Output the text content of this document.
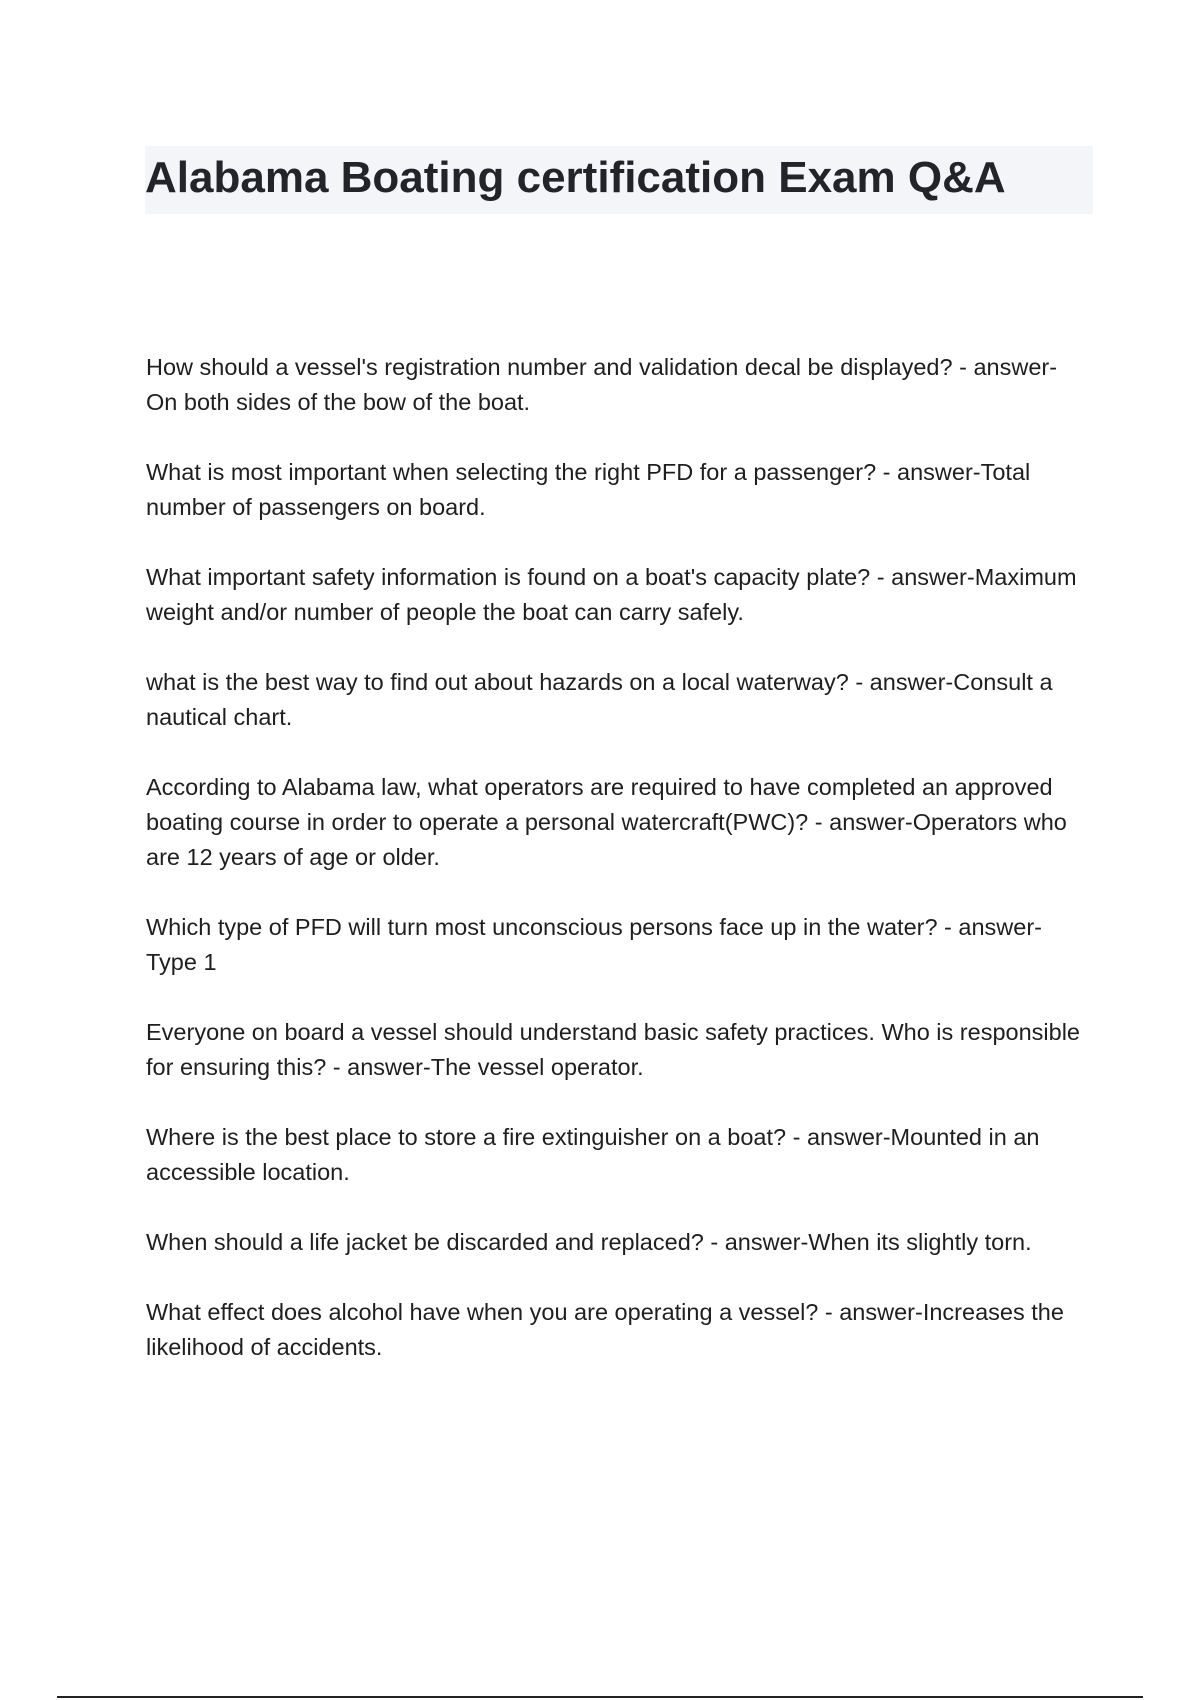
Alabama Boating certification Exam Q&A
How should a vessel's registration number and validation decal be displayed? - answer-On both sides of the bow of the boat.
What is most important when selecting the right PFD for a passenger? - answer-Total number of passengers on board.
What important safety information is found on a boat's capacity plate? - answer-Maximum weight and/or number of people the boat can carry safely.
what is the best way to find out about hazards on a local waterway? - answer-Consult a nautical chart.
According to Alabama law, what operators are required to have completed an approved boating course in order to operate a personal watercraft(PWC)? - answer-Operators who are 12 years of age or older.
Which type of PFD will turn most unconscious persons face up in the water? - answer-Type 1
Everyone on board a vessel should understand basic safety practices. Who is responsible for ensuring this? - answer-The vessel operator.
Where is the best place to store a fire extinguisher on a boat? - answer-Mounted in an accessible location.
When should a life jacket be discarded and replaced? - answer-When its slightly torn.
What effect does alcohol have when you are operating a vessel? - answer-Increases the likelihood of accidents.
